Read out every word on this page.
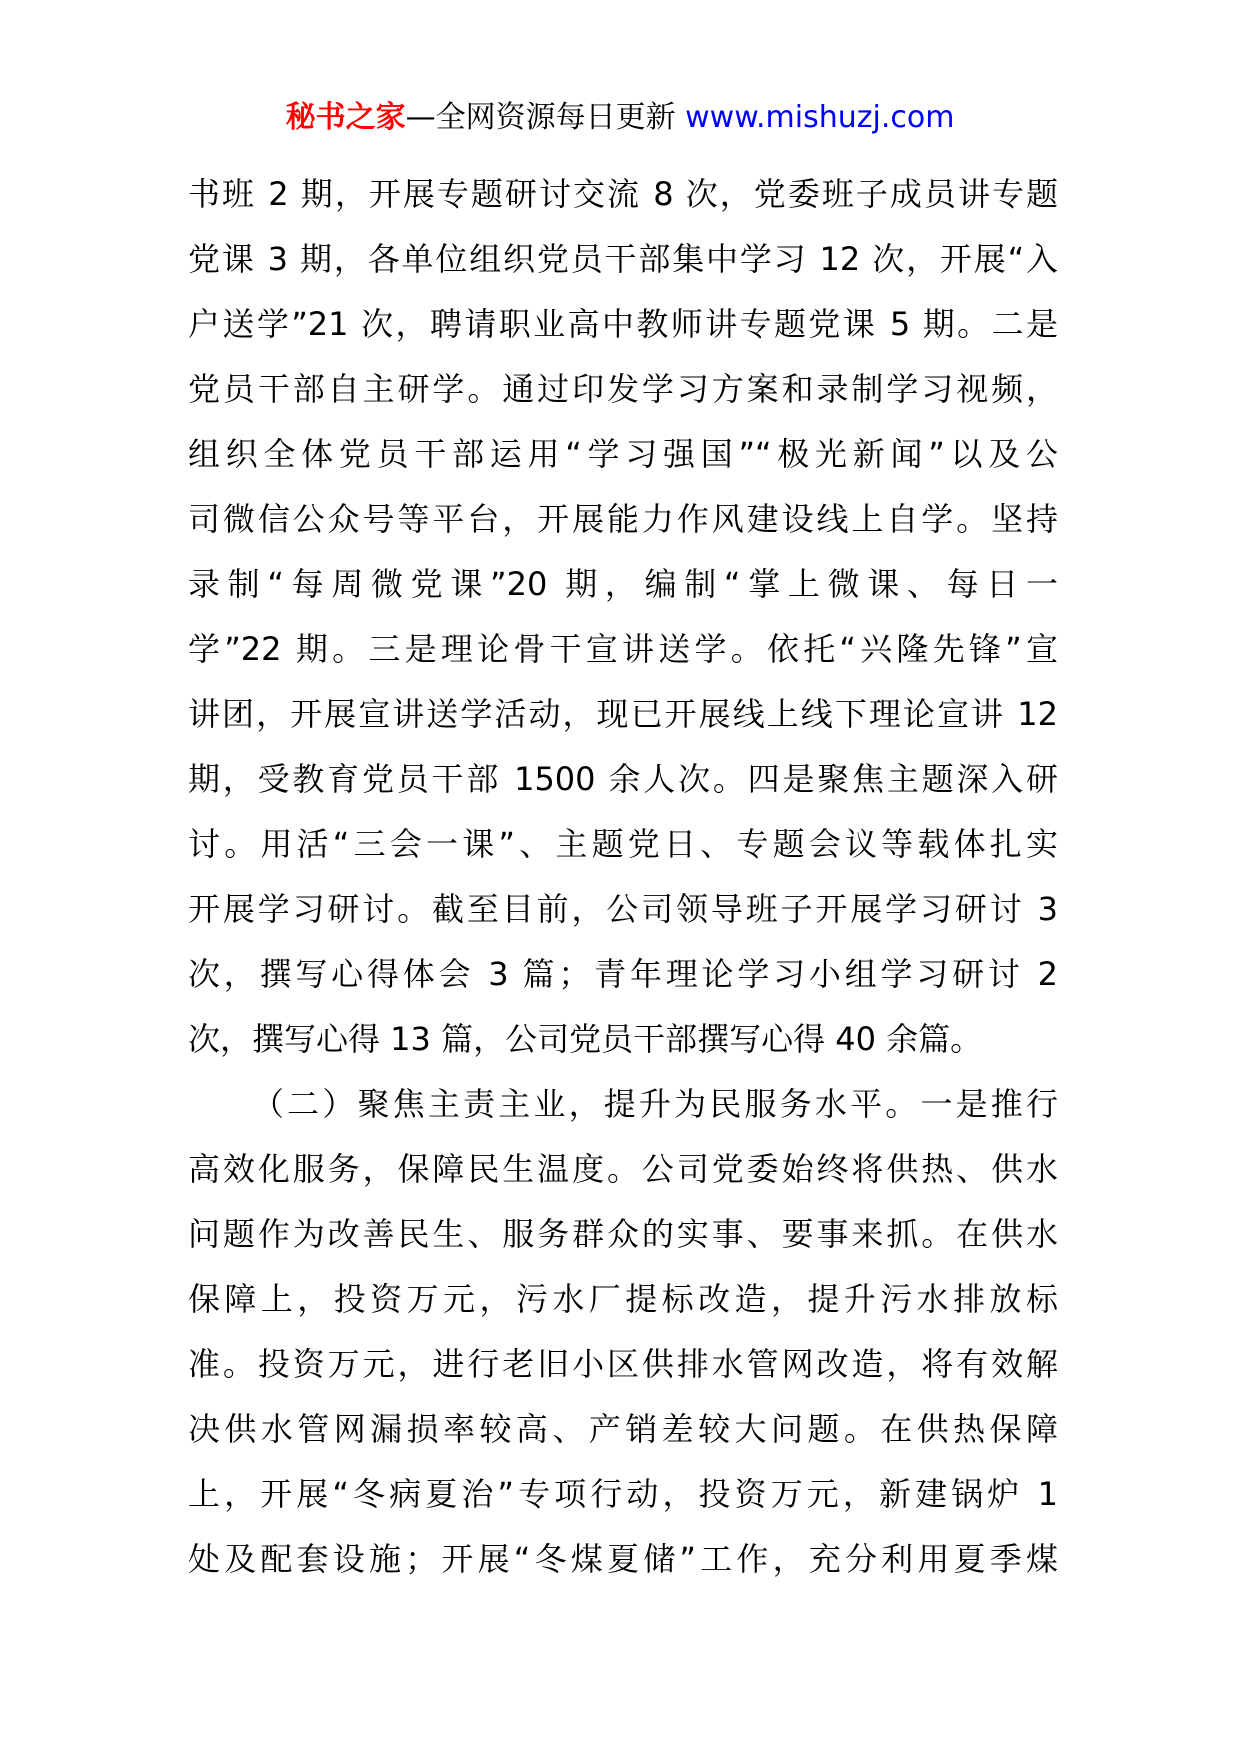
秘书之家—全网资源每日更新 www.mishuzj.com
书班 2 期，开展专题研讨交流 8 次，党委班子成员讲专题
党课 3 期，各单位组织党员干部集中学习 12 次，开展“入
户送学”21 次，聘请职业高中教师讲专题党课 5 期。二是
党员干部自主研学。通过印发学习方案和录制学习视频，
组织全体党员干部运用“学习强国”“极光新闻”以及公
司微信公众号等平台，开展能力作风建设线上自学。坚持
录制“每周微党课”20 期，编制“掌上微课、每日一
学”22 期。三是理论骨干宣讲送学。依托“兴隆先锋”宣
讲团，开展宣讲送学活动，现已开展线上线下理论宣讲 12
期，受教育党员干部 1500 余人次。四是聚焦主题深入研
讨。用活“三会一课”、主题党日、专题会议等载体扎实
开展学习研讨。截至目前，公司领导班子开展学习研讨 3
次，撰写心得体会 3 篇；青年理论学习小组学习研讨 2
次，撰写心得 13 篇，公司党员干部撰写心得 40 余篇。
（二）聚焦主责主业，提升为民服务水平。一是推行
高效化服务，保障民生温度。公司党委始终将供热、供水
问题作为改善民生、服务群众的实事、要事来抓。在供水
保障上，投资万元，污水厂提标改造，提升污水排放标
准。投资万元，进行老旧小区供排水管网改造，将有效解
决供水管网漏损率较高、产销差较大问题。在供热保障
上，开展“冬病夏治”专项行动，投资万元，新建锅炉 1
处及配套设施；开展“冬煤夏储”工作，充分利用夏季煤
